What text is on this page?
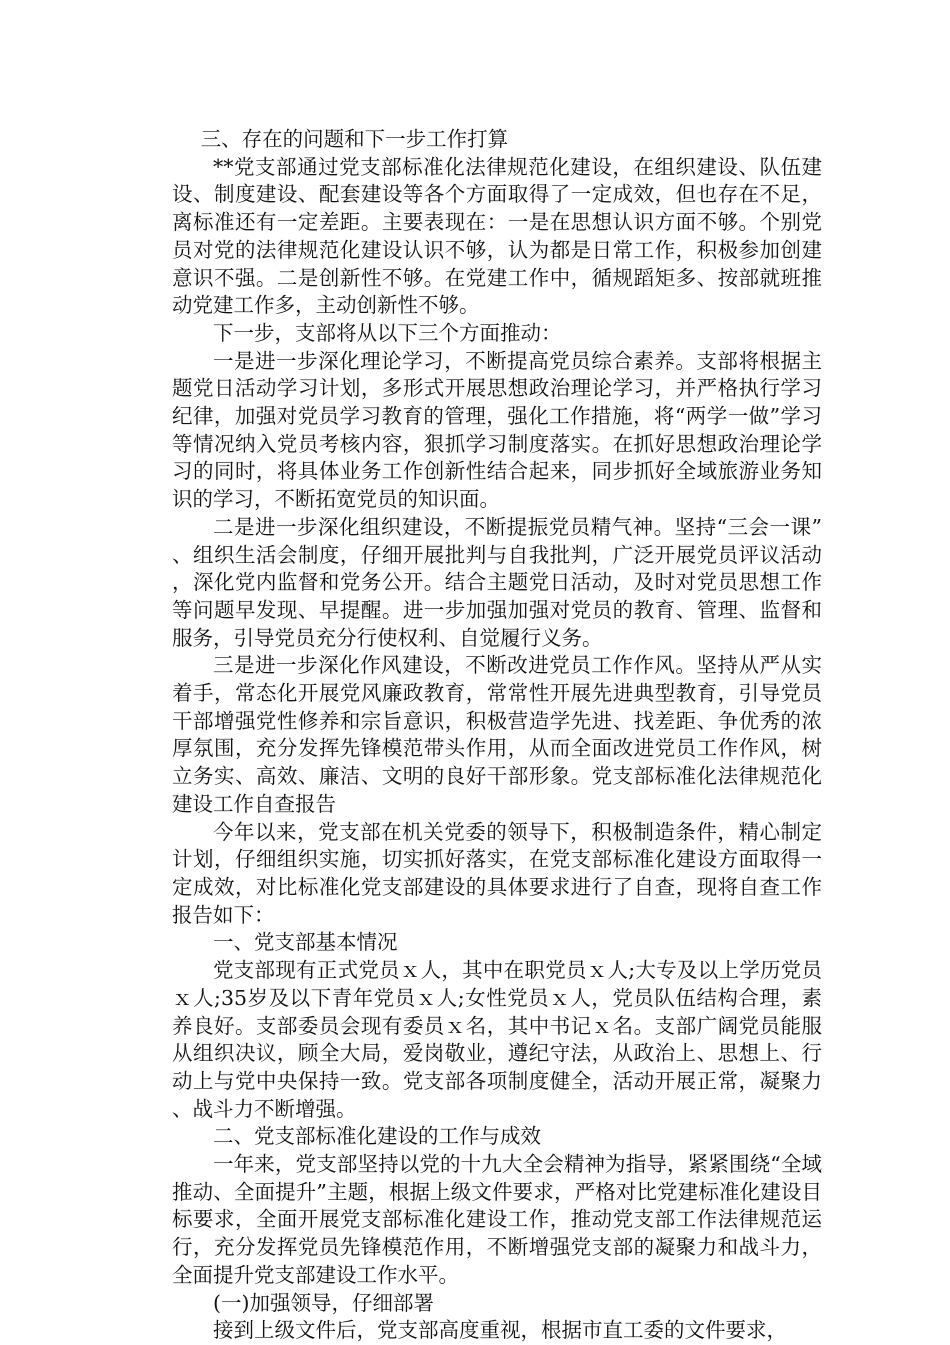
三、存在的问题和下一步工作打算

**党支部通过党支部标准化法律规范化建设，在组织建设、队伍建设、制度建设、配套建设等各个方面取得了一定成效，但也存在不足，离标准还有一定差距。主要表现在：一是在思想认识方面不够。个别党员对党的法律规范化建设认识不够，认为都是日常工作，积极参加创建意识不强。二是创新性不够。在党建工作中，循规蹈矩多、按部就班推动党建工作多，主动创新性不够。

下一步，支部将从以下三个方面推动：

一是进一步深化理论学习，不断提高党员综合素养。支部将根据主题党日活动学习计划，多形式开展思想政治理论学习，并严格执行学习纪律，加强对党员学习教育的管理，强化工作措施，将“两学一做”学习等情况纳入党员考核内容，狠抓学习制度落实。在抓好思想政治理论学习的同时，将具体业务工作创新性结合起来，同步抓好全域旅游业务知识的学习，不断拓宽党员的知识面。

二是进一步深化组织建设，不断提振党员精气神。坚持“三会一课”、组织生活会制度，仔细开展批判与自我批判，广泛开展党员评议活动，深化党内监督和党务公开。结合主题党日活动，及时对党员思想工作等问题早发现、早提醒。进一步加强加强对党员的教育、管理、监督和服务，引导党员充分行使权利、自觉履行义务。

三是进一步深化作风建设，不断改进党员工作作风。坚持从严从实着手，常态化开展党风廉政教育，常常性开展先进典型教育，引导党员干部增强党性修养和宗旨意识，积极营造学先进、找差距、争优秀的浓厚氛围，充分发挥先锋模范带头作用，从而全面改进党员工作作风，树立务实、高效、廉洁、文明的良好干部形象。党支部标准化法律规范化建设工作自查报告

今年以来，党支部在机关党委的领导下，积极制造条件，精心制定计划，仔细组织实施，切实抓好落实，在党支部标准化建设方面取得一定成效，对比标准化党支部建设的具体要求进行了自查，现将自查工作报告如下：

一、党支部基本情况

党支部现有正式党员ｘ人，其中在职党员ｘ人;大专及以上学历党员ｘ人;35岁及以下青年党员ｘ人;女性党员ｘ人，党员队伍结构合理，素养良好。支部委员会现有委员ｘ名，其中书记ｘ名。支部广阔党员能服从组织决议，顾全大局，爱岗敬业，遵纪守法，从政治上、思想上、行动上与党中央保持一致。党支部各项制度健全，活动开展正常，凝聚力、战斗力不断增强。

二、党支部标准化建设的工作与成效

一年来，党支部坚持以党的十九大全会精神为指导，紧紧围绕“全域推动、全面提升”主题，根据上级文件要求，严格对比党建标准化建设目标要求，全面开展党支部标准化建设工作，推动党支部工作法律规范运行，充分发挥党员先锋模范作用，不断增强党支部的凝聚力和战斗力，全面提升党支部建设工作水平。

(一)加强领导，仔细部署

接到上级文件后，党支部高度重视，根据市直工委的文件要求，
